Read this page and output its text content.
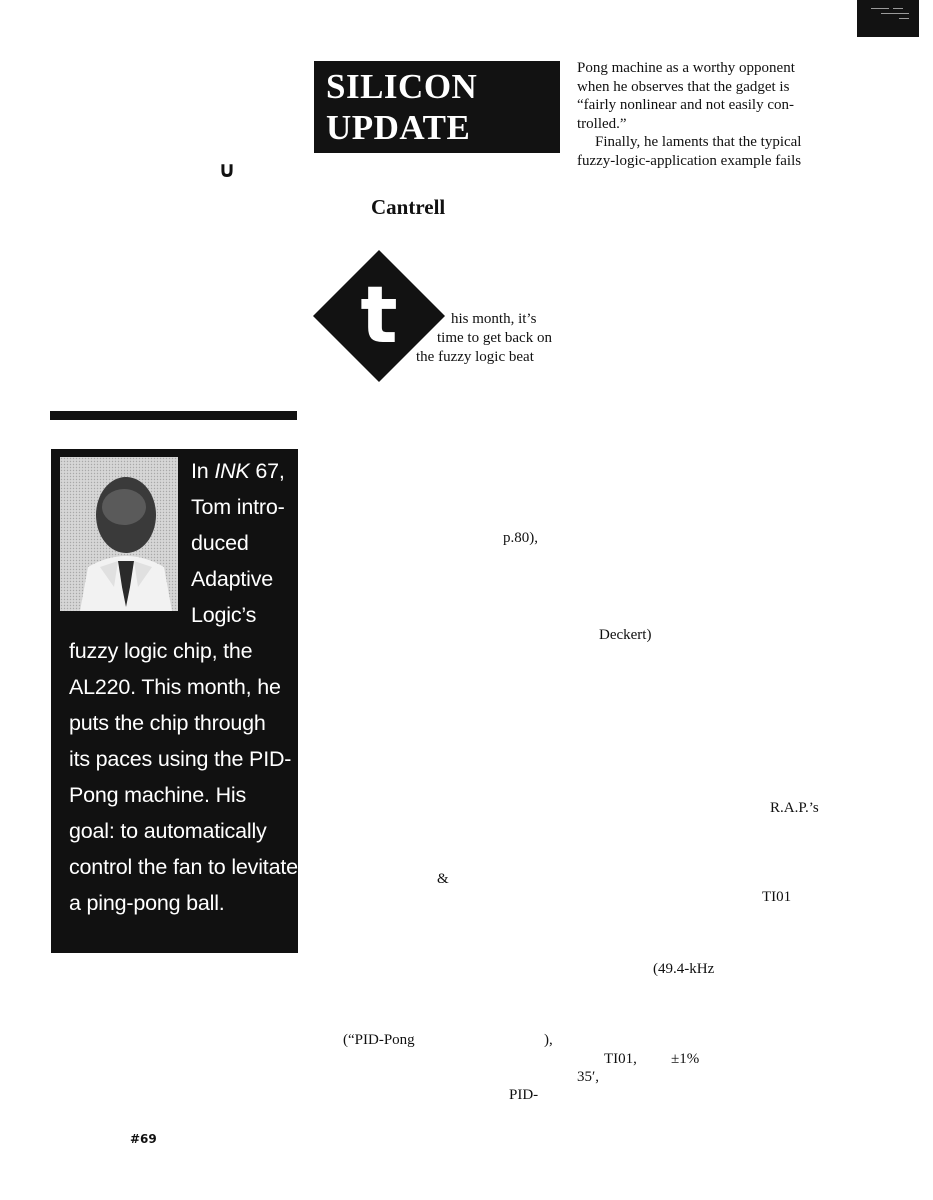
SILICON
UPDATE
Pong machine as a worthy opponent
when he observes that the gadget is
“fairly nonlinear and not easily con-
trolled.”
Finally, he laments that the typical
fuzzy-logic-application example fails
∪
Cantrell
t	his month, it’s
time to get back on
the fuzzy logic beat
In INK 67,
Tom intro-
duced
Adaptive
Logic’s
fuzzy logic chip, the
AL220. This month, he
puts the chip through
its paces using the PID-
Pong machine. His
goal: to automatically
control the fan to levitate
a ping-pong ball.
p.80),
Deckert)
R.A.P.’s
&
TI01
(49.4-kHz
(“PID-Pong	),
TI01, ±1%
35′,
PID-
#69
